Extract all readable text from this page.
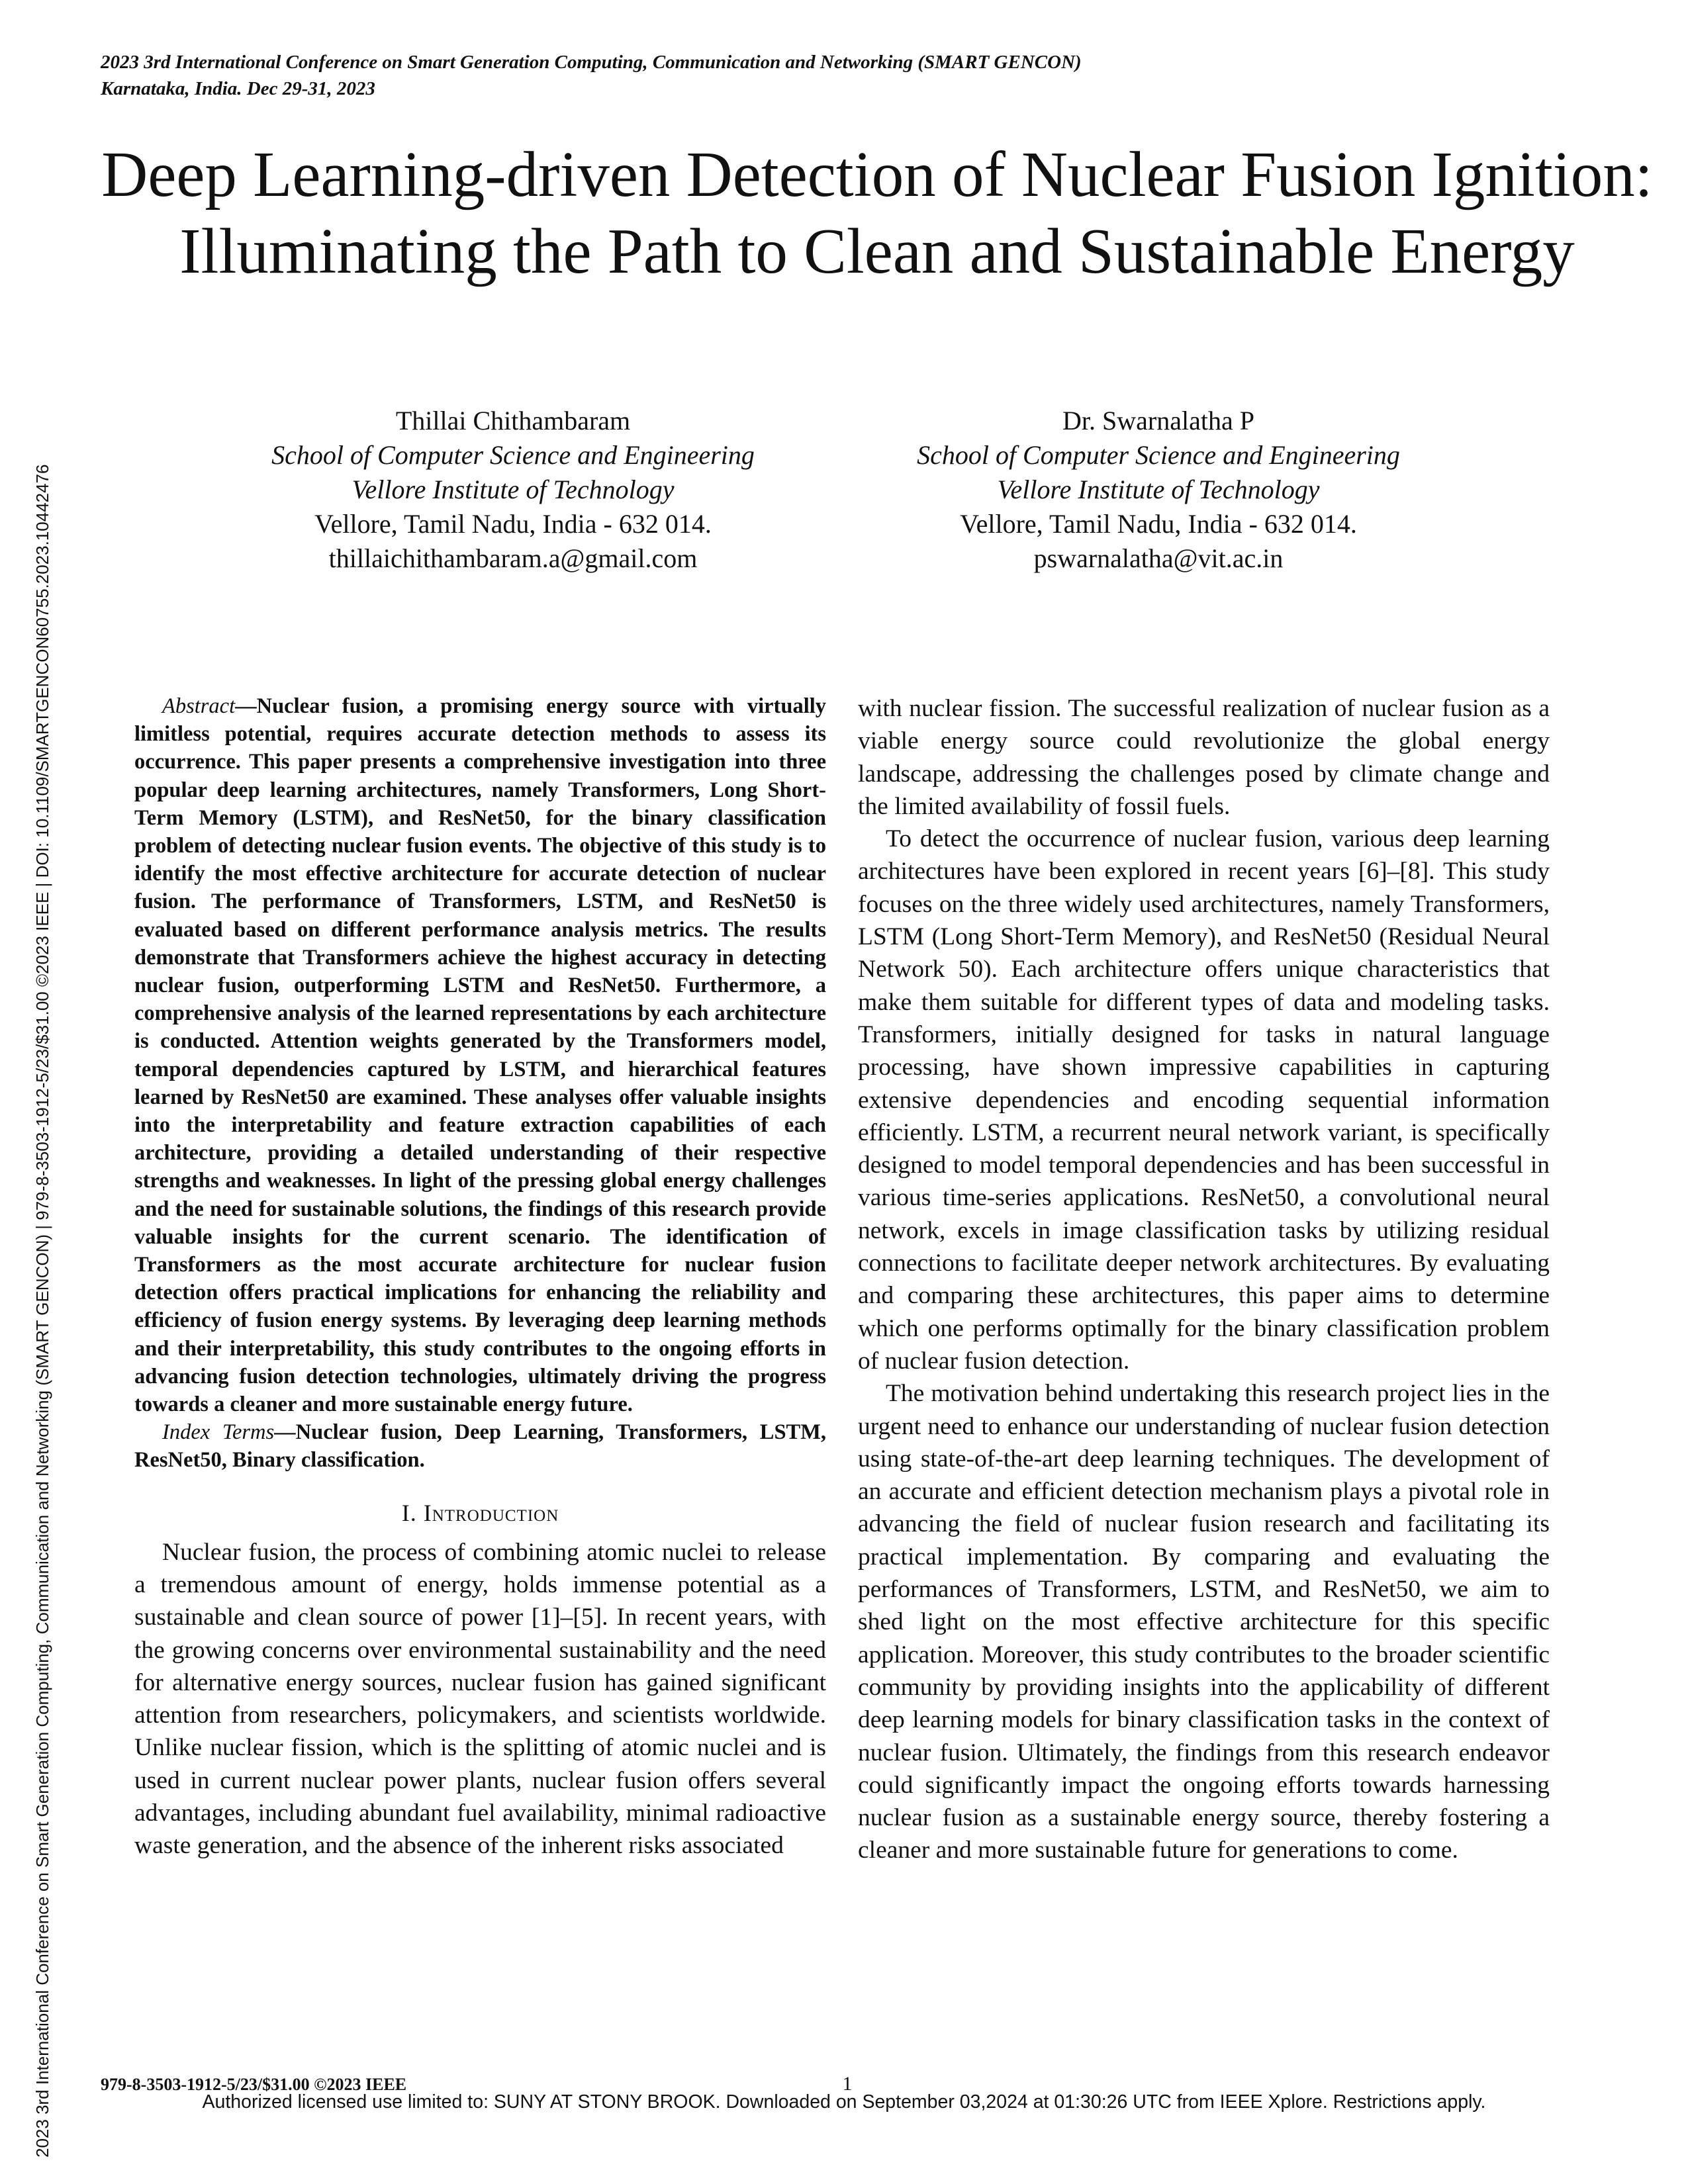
2023 3rd International Conference on Smart Generation Computing, Communication and Networking (SMART GENCON) | 979-8-3503-1912-5/23/$31.00 ©2023 IEEE | DOI: 10.1109/SMARTGENCON60755.2023.10442476
2023 3rd International Conference on Smart Generation Computing, Communication and Networking (SMART GENCON)
Karnataka, India. Dec 29-31, 2023
Deep Learning-driven Detection of Nuclear Fusion Ignition: Illuminating the Path to Clean and Sustainable Energy
Thillai Chithambaram
School of Computer Science and Engineering
Vellore Institute of Technology
Vellore, Tamil Nadu, India - 632 014.
thillaichithambaram.a@gmail.com
Dr. Swarnalatha P
School of Computer Science and Engineering
Vellore Institute of Technology
Vellore, Tamil Nadu, India - 632 014.
pswarnalatha@vit.ac.in

Abstract—Nuclear fusion, a promising energy source with virtually limitless potential, requires accurate detection methods to assess its occurrence. This paper presents a comprehensive investigation into three popular deep learning architectures, namely Transformers, Long Short-Term Memory (LSTM), and ResNet50, for the binary classification problem of detecting nuclear fusion events. The objective of this study is to identify the most effective architecture for accurate detection of nuclear fusion. The performance of Transformers, LSTM, and ResNet50 is evaluated based on different performance analysis metrics. The results demonstrate that Transformers achieve the highest accuracy in detecting nuclear fusion, outperforming LSTM and ResNet50. Furthermore, a comprehensive analysis of the learned representations by each architecture is conducted. Attention weights generated by the Transformers model, temporal dependencies captured by LSTM, and hierarchical features learned by ResNet50 are examined. These analyses offer valuable insights into the interpretability and feature extraction capabilities of each architecture, providing a detailed understanding of their respective strengths and weaknesses. In light of the pressing global energy challenges and the need for sustainable solutions, the findings of this research provide valuable insights for the current scenario. The identification of Transformers as the most accurate architecture for nuclear fusion detection offers practical implications for enhancing the reliability and efficiency of fusion energy systems. By leveraging deep learning methods and their interpretability, this study contributes to the ongoing efforts in advancing fusion detection technologies, ultimately driving the progress towards a cleaner and more sustainable energy future.

Index Terms—Nuclear fusion, Deep Learning, Transformers, LSTM, ResNet50, Binary classification.

I. Introduction

Nuclear fusion, the process of combining atomic nuclei to release a tremendous amount of energy, holds immense potential as a sustainable and clean source of power [1]–[5]. In recent years, with the growing concerns over environmental sustainability and the need for alternative energy sources, nuclear fusion has gained significant attention from researchers, policymakers, and scientists worldwide. Unlike nuclear fission, which is the splitting of atomic nuclei and is used in current nuclear power plants, nuclear fusion offers several advantages, including abundant fuel availability, minimal radioactive waste generation, and the absence of the inherent risks associated

with nuclear fission. The successful realization of nuclear fusion as a viable energy source could revolutionize the global energy landscape, addressing the challenges posed by climate change and the limited availability of fossil fuels.

To detect the occurrence of nuclear fusion, various deep learning architectures have been explored in recent years [6]–[8]. This study focuses on the three widely used architectures, namely Transformers, LSTM (Long Short-Term Memory), and ResNet50 (Residual Neural Network 50). Each architecture offers unique characteristics that make them suitable for different types of data and modeling tasks. Transformers, initially designed for tasks in natural language processing, have shown impressive capabilities in capturing extensive dependencies and encoding sequential information efficiently. LSTM, a recurrent neural network variant, is specifically designed to model temporal dependencies and has been successful in various time-series applications. ResNet50, a convolutional neural network, excels in image classification tasks by utilizing residual connections to facilitate deeper network architectures. By evaluating and comparing these architectures, this paper aims to determine which one performs optimally for the binary classification problem of nuclear fusion detection.

The motivation behind undertaking this research project lies in the urgent need to enhance our understanding of nuclear fusion detection using state-of-the-art deep learning techniques. The development of an accurate and efficient detection mechanism plays a pivotal role in advancing the field of nuclear fusion research and facilitating its practical implementation. By comparing and evaluating the performances of Transformers, LSTM, and ResNet50, we aim to shed light on the most effective architecture for this specific application. Moreover, this study contributes to the broader scientific community by providing insights into the applicability of different deep learning models for binary classification tasks in the context of nuclear fusion. Ultimately, the findings from this research endeavor could significantly impact the ongoing efforts towards harnessing nuclear fusion as a sustainable energy source, thereby fostering a cleaner and more sustainable future for generations to come.

979-8-3503-1912-5/23/$31.00 ©2023 IEEE	1
Authorized licensed use limited to: SUNY AT STONY BROOK. Downloaded on September 03,2024 at 01:30:26 UTC from IEEE Xplore. Restrictions apply.
